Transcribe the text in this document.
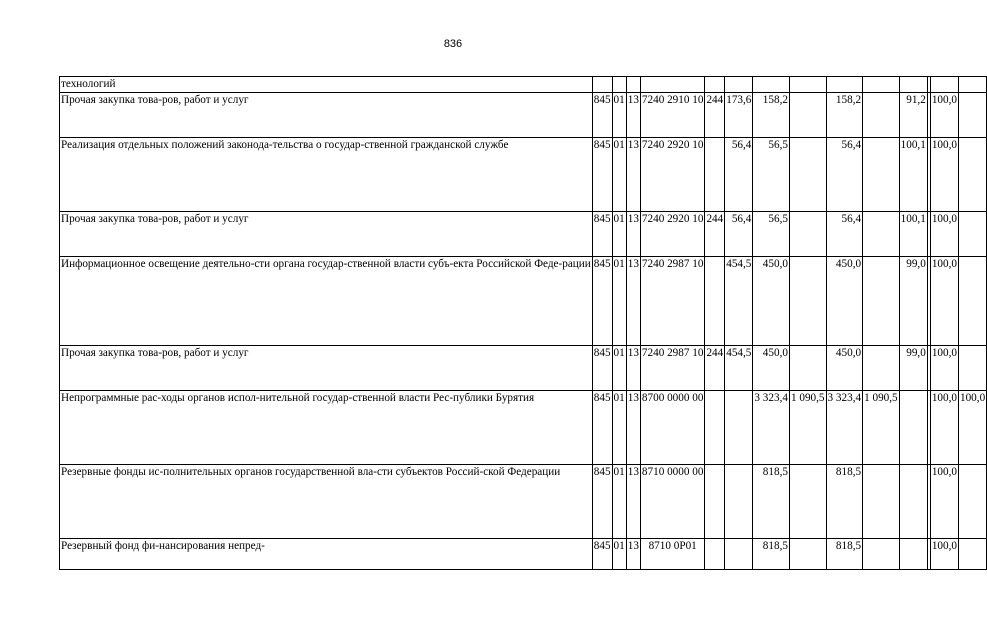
836
технологий														
Прочая закупка това-ров, работ и услуг	845	01	13	7240 2910 10	244	173,6	158,2		158,2		91,2		100,0	
Реализация отдельных положений законода-тельства о государ-ственной гражданской службе	845	01	13	7240 2920 10		56,4	56,5		56,4		100,1		100,0	
Прочая закупка това-ров, работ и услуг	845	01	13	7240 2920 10	244	56,4	56,5		56,4		100,1		100,0	
Информационное освещение деятельно-сти органа государ-ственной власти субъ-екта Российской Феде-рации	845	01	13	7240 2987 10		454,5	450,0		450,0		99,0		100,0	
Прочая закупка това-ров, работ и услуг	845	01	13	7240 2987 10	244	454,5	450,0		450,0		99,0		100,0	
Непрограммные рас-ходы органов испол-нительной государ-ственной власти Рес-публики Бурятия	845	01	13	8700 0000 00			3 323,4	1 090,5	3 323,4	1 090,5			100,0	100,0
Резервные фонды ис-полнительных органов государственной вла-сти субъектов Россий-ской Федерации	845	01	13	8710 0000 00			818,5		818,5				100,0	
Резервный фонд фи-нансирования непред-	845	01	13	8710 0Р01			818,5		818,5				100,0	
